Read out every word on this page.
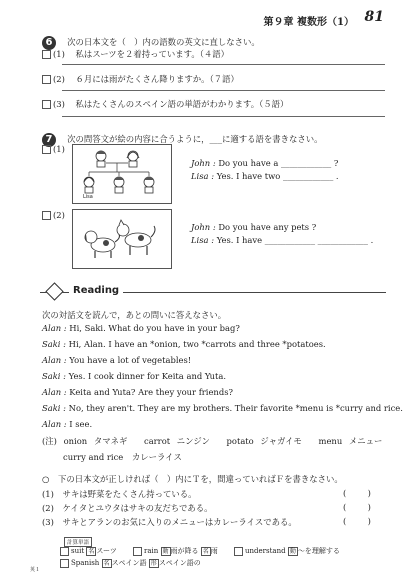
第９章 複数形（1） 81
6 次の日本文を（　）内の語数の英文に直しなさい。
(1) 私はスーツを２着持っています。（４語）
(2) ６月には雨がたくさん降りますか。（７語）
(3) 私はたくさんのスペイン語の単語がわかります。（５語）
7 次の問答文が絵の内容に合うように，___に適する語を書きなさい。
(1)
Lisa
John : Do you have a ____________ ?
Lisa : Yes. I have two ____________ .
(2)
John : Do you have any pets ?
Lisa : Yes. I have ____________ ____________ .
Reading
次の対話文を読んで，あとの問いに答えなさい。
Alan : Hi, Saki. What do you have in your bag?
Saki : Hi, Alan. I have an *onion, two *carrots and three *potatoes.
Alan : You have a lot of vegetables!
Saki : Yes. I cook dinner for Keita and Yuta.
Alan : Keita and Yuta? Are they your friends?
Saki : No, they aren't. They are my brothers. Their favorite *menu is *curry and rice.
Alan : I see.
(注) onion タマネギ carrot ニンジン potato ジャガイモ menu メニュー
curry and rice カレーライス
○ 下の日本文が正しければ（　）内にＴを，間違っていればＦを書きなさい。
(1) サキは野菜をたくさん持っている。	(        )
(2) ケイタとユウタはサキの友だちである。	(        )
(3) サキとアランのお気に入りのメニューはカレーライスである。	(        )
計算単語
suit 名 スーツ	rain 動 雨が降る 名 雨	understand 動 〜を理解する
Spanish 名 スペイン語 形 スペイン語の
英１
